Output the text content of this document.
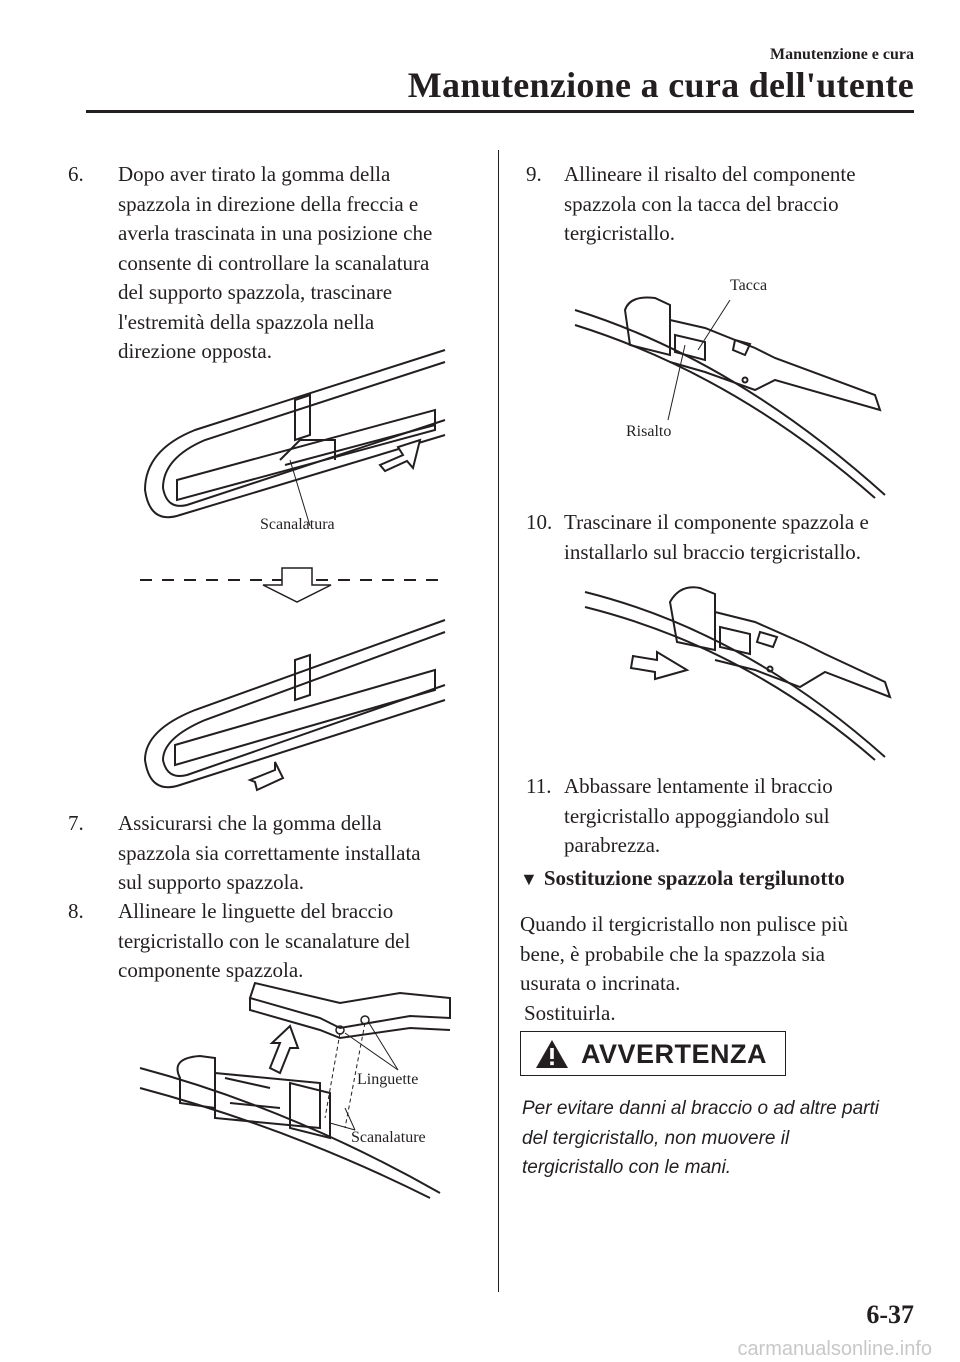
Manutenzione e cura
Manutenzione a cura dell'utente
6. Dopo aver tirato la gomma della
spazzola in direzione della freccia e
averla trascinata in una posizione che
consente di controllare la scanalatura
del supporto spazzola, trascinare
l'estremità della spazzola nella
direzione opposta.
Scanalatura
7. Assicurarsi che la gomma della
spazzola sia correttamente installata
sul supporto spazzola.
8. Allineare le linguette del braccio
tergicristallo con le scanalature del
componente spazzola.
Linguette
Scanalature
9. Allineare il risalto del componente
spazzola con la tacca del braccio
tergicristallo.
Tacca
Risalto
10. Trascinare il componente spazzola e
installarlo sul braccio tergicristallo.
11. Abbassare lentamente il braccio
tergicristallo appoggiandolo sul
parabrezza.
▼ Sostituzione spazzola tergilunotto
Quando il tergicristallo non pulisce più
bene, è probabile che la spazzola sia
usurata o incrinata.
Sostituirla.
AVVERTENZA
Per evitare danni al braccio o ad altre parti
del tergicristallo, non muovere il
tergicristallo con le mani.
6-37
carmanualsonline.info
